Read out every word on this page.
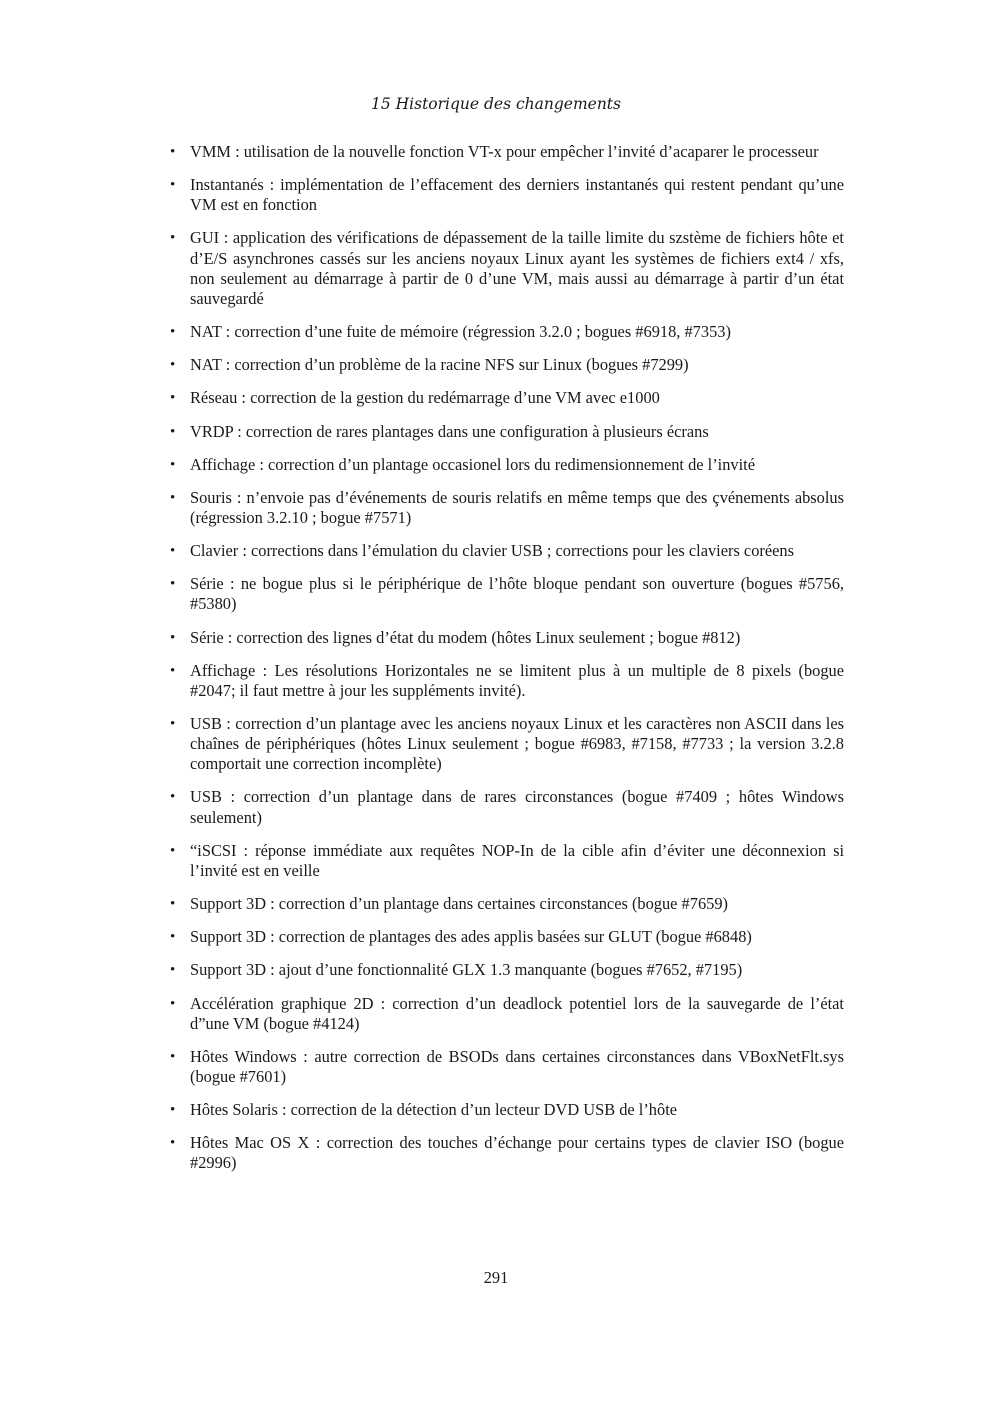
15 Historique des changements
• VMM : utilisation de la nouvelle fonction VT-x pour empêcher l’invité d’acaparer le processeur
• Instantanés : implémentation de l’effacement des derniers instantanés qui restent pendant qu’une VM est en fonction
• GUI : application des vérifications de dépassement de la taille limite du szstème de fichiers hôte et d’E/S asynchrones cassés sur les anciens noyaux Linux ayant les systèmes de fichiers ext4 / xfs, non seulement au démarrage à partir de 0 d’une VM, mais aussi au démarrage à partir d’un état sauvegardé
• NAT : correction d’une fuite de mémoire (régression 3.2.0 ; bogues #6918, #7353)
• NAT : correction d’un problème de la racine NFS sur Linux (bogues #7299)
• Réseau : correction de la gestion du redémarrage d’une VM avec e1000
• VRDP : correction de rares plantages dans une configuration à plusieurs écrans
• Affichage : correction d’un plantage occasionel lors du redimensionnement de l’invité
• Souris : n’envoie pas d’événements de souris relatifs en même temps que des çvénements absolus (régression 3.2.10 ; bogue #7571)
• Clavier : corrections dans l’émulation du clavier USB ; corrections pour les claviers coréens
• Série : ne bogue plus si le périphérique de l’hôte bloque pendant son ouverture (bogues #5756, #5380)
• Série : correction des lignes d’état du modem (hôtes Linux seulement ; bogue #812)
• Affichage : Les résolutions Horizontales ne se limitent plus à un multiple de 8 pixels (bogue #2047; il faut mettre à jour les suppléments invité).
• USB : correction d’un plantage avec les anciens noyaux Linux et les caractères non ASCII dans les chaînes de périphériques (hôtes Linux seulement ; bogue #6983, #7158, #7733 ; la version 3.2.8 comportait une correction incomplète)
• USB : correction d’un plantage dans de rares circonstances (bogue #7409 ; hôtes Windows seulement)
• “iSCSI : réponse immédiate aux requêtes NOP-In de la cible afin d’éviter une déconnexion si l’invité est en veille
• Support 3D : correction d’un plantage dans certaines circonstances (bogue #7659)
• Support 3D : correction de plantages des ades applis basées sur GLUT (bogue #6848)
• Support 3D : ajout d’une fonctionnalité GLX 1.3 manquante (bogues #7652, #7195)
• Accélération graphique 2D : correction d’un deadlock potentiel lors de la sauvegarde de l’état d”une VM (bogue #4124)
• Hôtes Windows : autre correction de BSODs dans certaines circonstances dans VBoxNetFlt.sys (bogue #7601)
• Hôtes Solaris : correction de la détection d’un lecteur DVD USB de l’hôte
• Hôtes Mac OS X : correction des touches d’échange pour certains types de clavier ISO (bogue #2996)
291
